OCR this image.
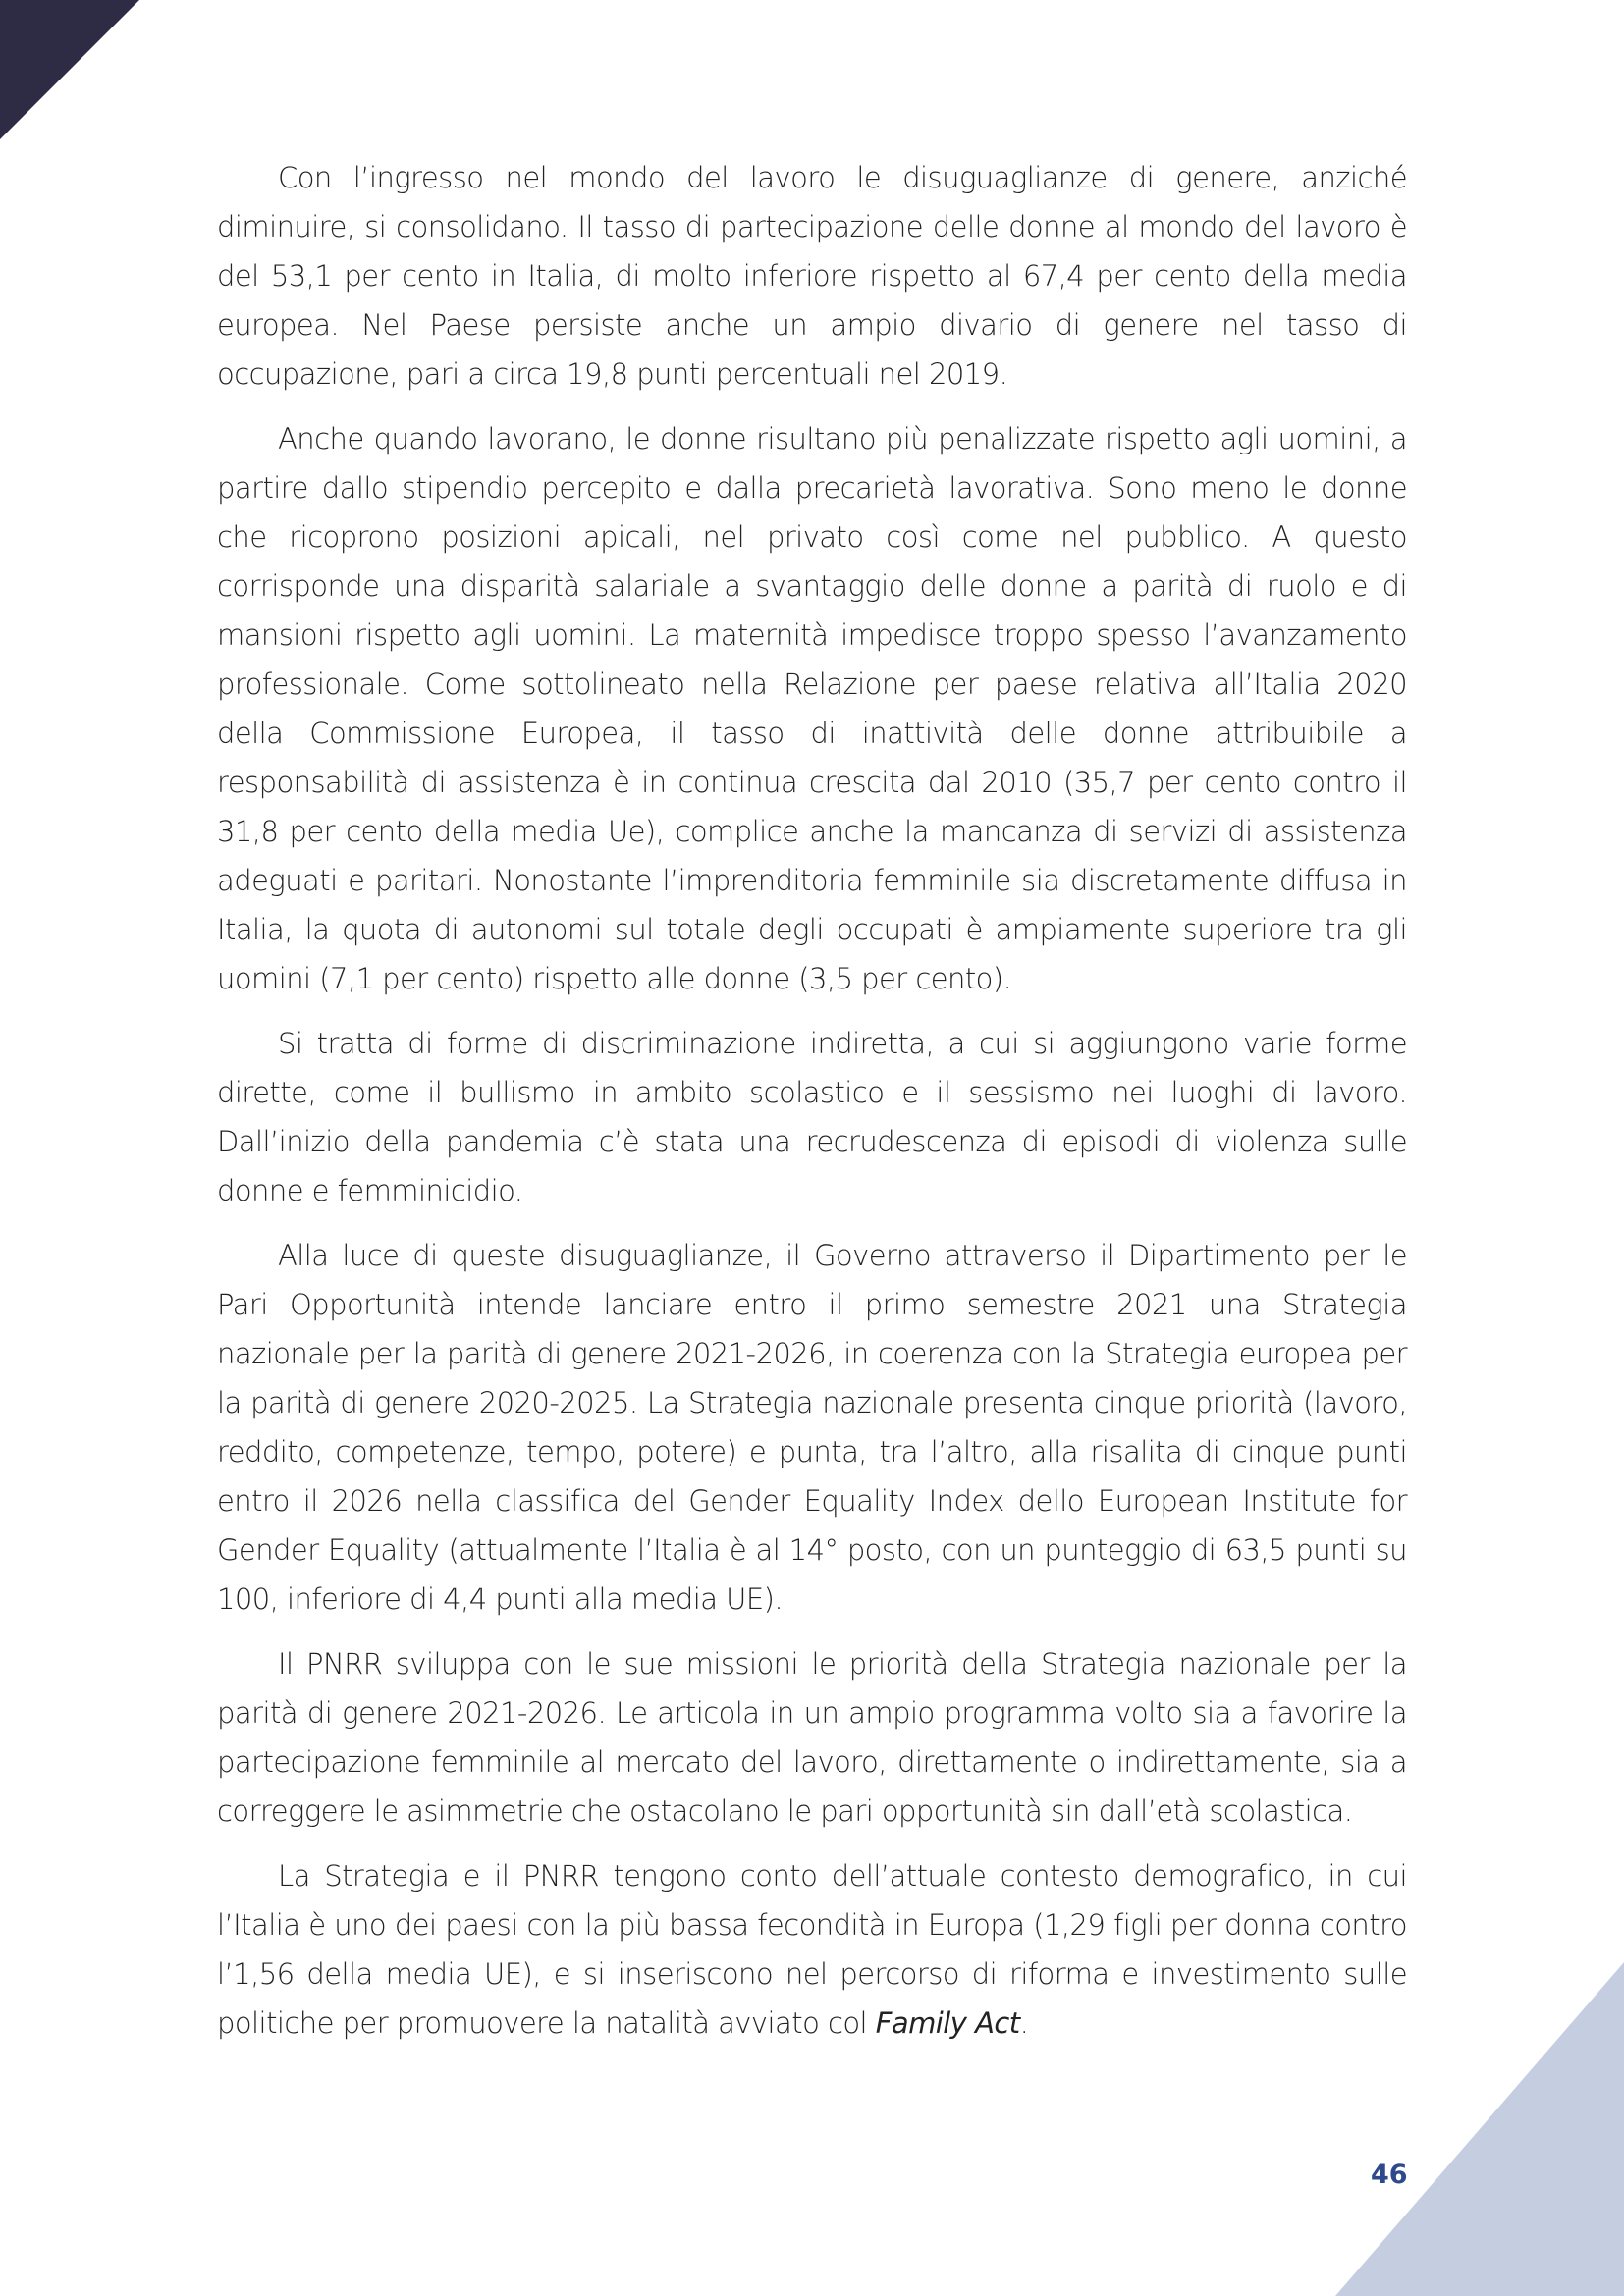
Con l’ingresso nel mondo del lavoro le disuguaglianze di genere, anziché diminuire, si consolidano. Il tasso di partecipazione delle donne al mondo del lavoro è del 53,1 per cento in Italia, di molto inferiore rispetto al 67,4 per cento della media europea. Nel Paese persiste anche un ampio divario di genere nel tasso di occupazione, pari a circa 19,8 punti percentuali nel 2019.

Anche quando lavorano, le donne risultano più penalizzate rispetto agli uomini, a partire dallo stipendio percepito e dalla precarietà lavorativa. Sono meno le donne che ricoprono posizioni apicali, nel privato così come nel pubblico. A questo corrisponde una disparità salariale a svantaggio delle donne a parità di ruolo e di mansioni rispetto agli uomini. La maternità impedisce troppo spesso l’avanzamento professionale. Come sottolineato nella Relazione per paese relativa all’Italia 2020 della Commissione Europea, il tasso di inattività delle donne attribuibile a responsabilità di assistenza è in continua crescita dal 2010 (35,7 per cento contro il 31,8 per cento della media Ue), complice anche la mancanza di servizi di assistenza adeguati e paritari. Nonostante l’imprenditoria femminile sia discretamente diffusa in Italia, la quota di autonomi sul totale degli occupati è ampiamente superiore tra gli uomini (7,1 per cento) rispetto alle donne (3,5 per cento).

Si tratta di forme di discriminazione indiretta, a cui si aggiungono varie forme dirette, come il bullismo in ambito scolastico e il sessismo nei luoghi di lavoro. Dall’inizio della pandemia c’è stata una recrudescenza di episodi di violenza sulle donne e femminicidio.

Alla luce di queste disuguaglianze, il Governo attraverso il Dipartimento per le Pari Opportunità intende lanciare entro il primo semestre 2021 una Strategia nazionale per la parità di genere 2021-2026, in coerenza con la Strategia europea per la parità di genere 2020-2025. La Strategia nazionale presenta cinque priorità (lavoro, reddito, competenze, tempo, potere) e punta, tra l’altro, alla risalita di cinque punti entro il 2026 nella classifica del Gender Equality Index dello European Institute for Gender Equality (attualmente l’Italia è al 14° posto, con un punteggio di 63,5 punti su 100, inferiore di 4,4 punti alla media UE).

Il PNRR sviluppa con le sue missioni le priorità della Strategia nazionale per la parità di genere 2021-2026. Le articola in un ampio programma volto sia a favorire la partecipazione femminile al mercato del lavoro, direttamente o indirettamente, sia a correggere le asimmetrie che ostacolano le pari opportunità sin dall’età scolastica.

La Strategia e il PNRR tengono conto dell’attuale contesto demografico, in cui l’Italia è uno dei paesi con la più bassa fecondità in Europa (1,29 figli per donna contro l’1,56 della media UE), e si inseriscono nel percorso di riforma e investimento sulle politiche per promuovere la natalità avviato col Family Act.

46
